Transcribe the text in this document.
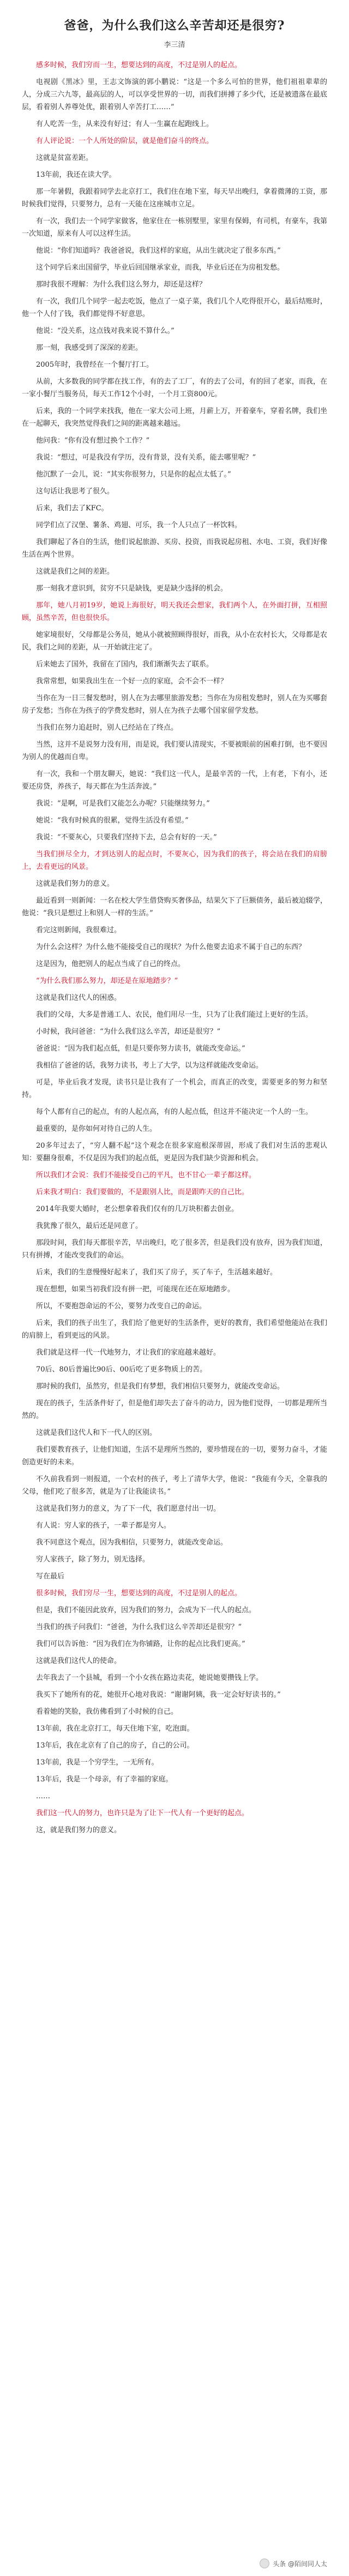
爸爸，为什么我们这么辛苦却还是很穷?
李三清

感多时候，我们穷而一生，想要达到的高度，不过是别人的起点。

电视剧《黑冰》里，王志文饰演的郭小鹏说：“这是一个多么可怕的世界，他们祖祖辈辈的人，分成三六九等，最高层的人，可以享受世界的一切，而我们拼搏了多少代，还是被遗落在最底层，看着别人养尊处优，跟着别人辛苦打工……”

有人吃苦一生，从来没有好过；有人一生赢在起跑线上。

有人评论说：一个人所处的阶层，就是他们奋斗的终点。

这就是贫富差距。

13年前，我还在读大学。

那一年暑假，我跟着同学去北京打工，我们住在地下室，每天早出晚归，拿着微薄的工资，那时候我们觉得，只要努力，总有一天能在这座城市立足。

有一次，我们去一个同学家做客，他家住在一栋别墅里，家里有保姆，有司机，有豪车，我第一次知道，原来有人可以这样生活。

他说：“你们知道吗？我爸爸说，我们这样的家庭，从出生就决定了很多东西。”

这个同学后来出国留学，毕业后回国继承家业，而我，毕业后还在为房租发愁。

那时我很不理解：为什么我们这么努力，却还是这样？

有一次，我们几个同学一起去吃饭，他点了一桌子菜，我们几个人吃得很开心，最后结账时，他一个人付了钱，我们都觉得不好意思。

他说：“没关系，这点钱对我来说不算什么。”

那一刻，我感受到了深深的差距。

2005年时，我曾经在一个餐厅打工。

从前，大多数我的同学都在找工作，有的去了工厂，有的去了公司，有的回了老家，而我，在一家小餐厅当服务员，每天工作12个小时，一个月工资800元。

后来，我的一个同学来找我，他在一家大公司上班，月薪上万，开着豪车，穿着名牌，我们坐在一起聊天，我突然觉得我们之间的距离越来越远。

他问我：“你有没有想过换个工作？”

我说：“想过，可是我没有学历，没有背景，没有关系，能去哪里呢？”

他沉默了一会儿，说：“其实你很努力，只是你的起点太低了。”

这句话让我思考了很久。

后来，我们去了KFC。

同学们点了汉堡、薯条、鸡翅、可乐，我一个人只点了一杯饮料。

我们聊起了各自的生活，他们说起旅游、买房、投资，而我说起房租、水电、工资，我们好像生活在两个世界。

这就是我们之间的差距。

那一刻我才意识到，贫穷不只是缺钱，更是缺少选择的机会。

那年，她八月初19岁，她说上海很好，明天我还会想家，我们两个人，在外面打拼，互相照顾，虽然辛苦，但也很快乐。

她家境很好，父母都是公务员，她从小就被照顾得很好，而我，从小在农村长大，父母都是农民，我们之间的差距，从一开始就注定了。

后来她去了国外，我留在了国内，我们渐渐失去了联系。

我常常想，如果我出生在一个好一点的家庭，会不会不一样？

当你在为一日三餐发愁时，别人在为去哪里旅游发愁；当你在为房租发愁时，别人在为买哪套房子发愁；当你在为孩子的学费发愁时，别人在为孩子去哪个国家留学发愁。

当我们在努力追赶时，别人已经站在了终点。

当然，这并不是说努力没有用，而是说，我们要认清现实，不要被眼前的困难打倒，也不要因为别人的优越而自卑。

有一次，我和一个朋友聊天，她说：“我们这一代人，是最辛苦的一代，上有老，下有小，还要还房贷，养孩子，每天都在为生活奔波。”

我说：“是啊，可是我们又能怎么办呢？只能继续努力。”

她说：“我有时候真的很累，觉得生活没有希望。”

我说：“不要灰心，只要我们坚持下去，总会有好的一天。”

当我们拼尽全力，才到达别人的起点时，不要灰心，因为我们的孩子，将会站在我们的肩膀上，去看更远的风景。

这就是我们努力的意义。

最近看到一则新闻：一名在校大学生借贷购买奢侈品，结果欠下了巨额债务，最后被迫辍学，他说：“我只是想过上和别人一样的生活。”

看完这则新闻，我很难过。

为什么会这样？为什么他不能接受自己的现状？为什么他要去追求不属于自己的东西？

这是因为，他把别人的起点当成了自己的终点。

“为什么我们那么努力，却还是在原地踏步？”

这就是我们这代人的困惑。

我们的父母，大多是普通工人、农民，他们用尽一生，只为了让我们能过上更好的生活。

小时候，我问爸爸：“为什么我们这么辛苦，却还是很穷？”

爸爸说：“因为我们起点低，但是只要你努力读书，就能改变命运。”

我相信了爸爸的话，我努力读书，考上了大学，以为这样就能改变命运。

可是，毕业后我才发现，读书只是让我有了一个机会，而真正的改变，需要更多的努力和坚持。

每个人都有自己的起点，有的人起点高，有的人起点低，但这并不能决定一个人的一生。

最重要的，是你如何对待自己的人生。

20多年过去了，“穷人翻不起”这个观念在很多家庭根深蒂固，形成了我们对生活的悲观认知：要翻身很难，不仅是因为我们的起点低，更是因为我们缺少资源和机会。

所以我们才会说：我们不能接受自己的平凡，也不甘心一辈子都这样。

后来我才明白：我们要做的，不是跟别人比，而是跟昨天的自己比。

2014年我要大婚时，老公想拿着我们仅有的几万块积蓄去创业。

我犹豫了很久，最后还是同意了。

那段时间，我们每天都很辛苦，早出晚归，吃了很多苦，但是我们没有放弃，因为我们知道，只有拼搏，才能改变我们的命运。

后来，我们的生意慢慢好起来了，我们买了房子，买了车子，生活越来越好。

现在想想，如果当初我们没有拼一把，可能现在还在原地踏步。

所以，不要抱怨命运的不公，要努力改变自己的命运。

后来，我们的孩子出生了，我们给了他更好的生活条件，更好的教育，我们希望他能站在我们的肩膀上，看到更远的风景。

我们就是这样一代一代地努力，才让我们的家庭越来越好。

70后、80后普遍比90后、00后吃了更多物质上的苦。

那时候的我们，虽然穷，但是我们有梦想，我们相信只要努力，就能改变命运。

现在的孩子，生活条件好了，但是他们却失去了奋斗的动力，因为他们觉得，一切都是理所当然的。

这就是我们这代人和下一代人的区别。

我们要教育孩子，让他们知道，生活不是理所当然的，要珍惜现在的一切，要努力奋斗，才能创造更好的未来。

不久前我看到一则报道，一个农村的孩子，考上了清华大学，他说：“我能有今天，全靠我的父母，他们吃了很多苦，就是为了让我能读书。”

这就是我们努力的意义，为了下一代，我们愿意付出一切。

有人说：穷人家的孩子，一辈子都是穷人。

我不同意这个观点，因为我相信，只要努力，就能改变命运。

穷人家孩子，除了努力，别无选择。

写在最后

很多时候，我们穷尽一生，想要达到的高度，不过是别人的起点。

但是，我们不能因此放弃，因为我们的努力，会成为下一代人的起点。

当我们的孩子问我们：“爸爸，为什么我们这么辛苦却还是很穷？”

我们可以告诉他：“因为我们在为你铺路，让你的起点比我们更高。”

这就是我们这代人的使命。

去年我去了一个县城，看到一个小女孩在路边卖花，她说她要攒钱上学。

我买下了她所有的花，她很开心地对我说：“谢谢阿姨，我一定会好好读书的。”

看着她的笑脸，我仿佛看到了小时候的自己。

13年前，我在北京打工，每天住地下室，吃泡面。

13年后，我在北京有了自己的房子，自己的公司。

13年前，我是一个穷学生，一无所有。

13年后，我是一个母亲，有了幸福的家庭。

……

我们这一代人的努力，也许只是为了让下一代人有一个更好的起点。

这，就是我们努力的意义。

头条 @陌间同人太
